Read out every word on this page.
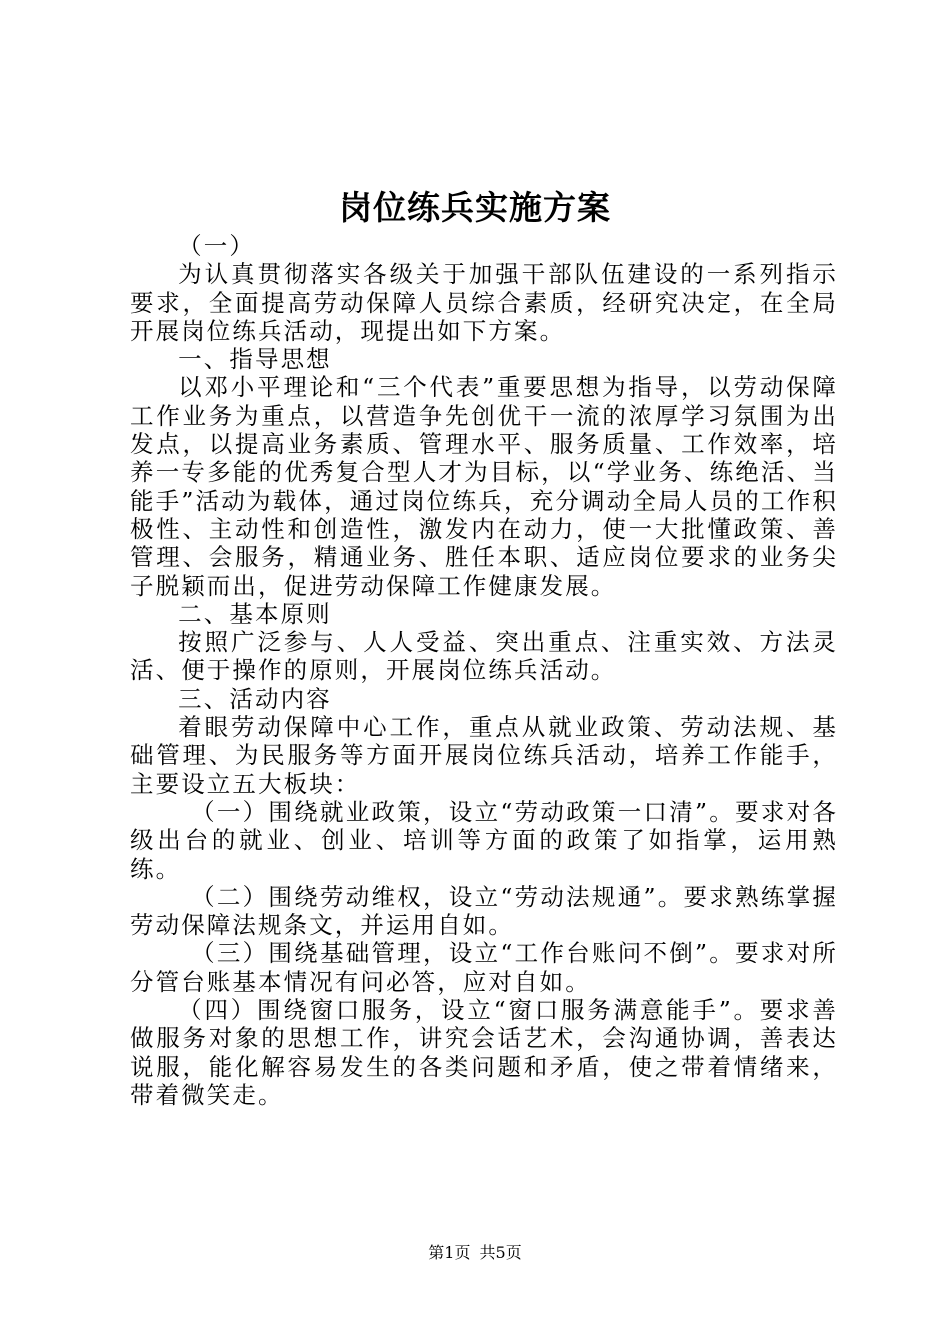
岗位练兵实施方案

（一）

为认真贯彻落实各级关于加强干部队伍建设的一系列指示要求，全面提高劳动保障人员综合素质，经研究决定，在全局开展岗位练兵活动，现提出如下方案。

一、指导思想

以邓小平理论和“三个代表”重要思想为指导，以劳动保障工作业务为重点，以营造争先创优干一流的浓厚学习氛围为出发点，以提高业务素质、管理水平、服务质量、工作效率，培养一专多能的优秀复合型人才为目标，以“学业务、练绝活、当能手”活动为载体，通过岗位练兵，充分调动全局人员的工作积极性、主动性和创造性，激发内在动力，使一大批懂政策、善管理、会服务，精通业务、胜任本职、适应岗位要求的业务尖子脱颖而出，促进劳动保障工作健康发展。

二、基本原则

按照广泛参与、人人受益、突出重点、注重实效、方法灵活、便于操作的原则，开展岗位练兵活动。

三、活动内容

着眼劳动保障中心工作，重点从就业政策、劳动法规、基础管理、为民服务等方面开展岗位练兵活动，培养工作能手，主要设立五大板块：

（一）围绕就业政策，设立“劳动政策一口清”。要求对各级出台的就业、创业、培训等方面的政策了如指掌，运用熟练。

（二）围绕劳动维权，设立“劳动法规通”。要求熟练掌握劳动保障法规条文，并运用自如。

（三）围绕基础管理，设立“工作台账问不倒”。要求对所分管台账基本情况有问必答，应对自如。

（四）围绕窗口服务，设立“窗口服务满意能手”。要求善做服务对象的思想工作，讲究会话艺术，会沟通协调，善表达说服，能化解容易发生的各类问题和矛盾，使之带着情绪来，带着微笑走。

第1页 共5页
